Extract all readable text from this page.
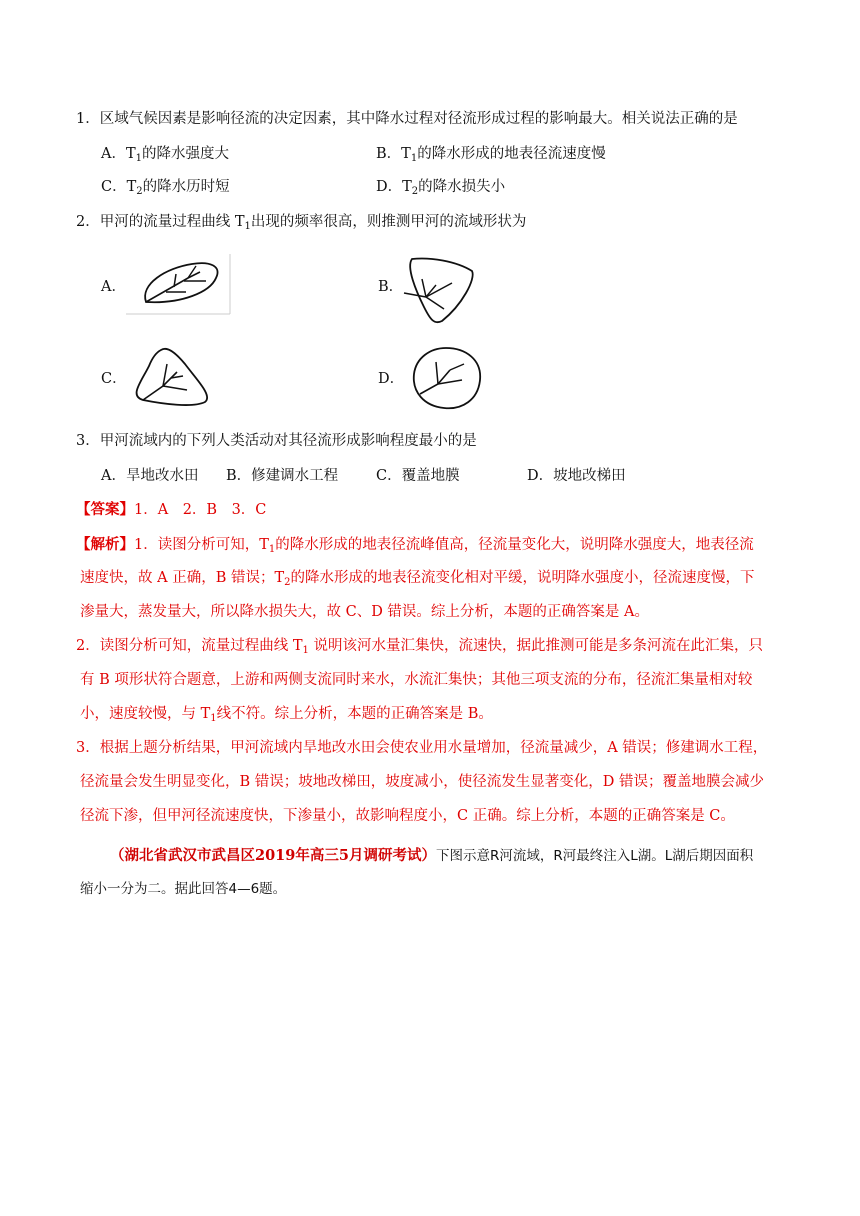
1．区域气候因素是影响径流的决定因素，其中降水过程对径流形成过程的影响最大。相关说法正确的是
A．$T_1$的降水强度大	B．$T_1$的降水形成的地表径流速度慢
C．$T_2$的降水历时短	D．$T_2$的降水损失小
2．甲河的流量过程曲线 $T_1$出现的频率很高，则推测甲河的流域形状为
A．	B．
C．	D．
3．甲河流域内的下列人类活动对其径流形成影响程度最小的是
A．旱地改水田 B．修建调水工程	C．覆盖地膜	D．坡地改梯田
【答案】1．A　2．B　3．C
【解析】1．读图分析可知，$T_1$的降水形成的地表径流峰值高，径流量变化大，说明降水强度大，地表径流
速度快，故 A 正确，B 错误；$T_2$的降水形成的地表径流变化相对平缓，说明降水强度小，径流速度慢，下
渗量大，蒸发量大，所以降水损失大，故 C、D 错误。综上分析，本题的正确答案是 A。
2．读图分析可知，流量过程曲线 $T_1$ 说明该河水量汇集快，流速快，据此推测可能是多条河流在此汇集，只
有 B 项形状符合题意，上游和两侧支流同时来水，水流汇集快；其他三项支流的分布，径流汇集量相对较
小，速度较慢，与 $T_1$线不符。综上分析，本题的正确答案是 B。
3．根据上题分析结果，甲河流域内旱地改水田会使农业用水量增加，径流量减少，A 错误；修建调水工程，
径流量会发生明显变化，B 错误；坡地改梯田，坡度减小，使径流发生显著变化，D 错误；覆盖地膜会减少
径流下渗，但甲河径流速度快，下渗量小，故影响程度小，C 正确。综上分析，本题的正确答案是 C。
（湖北省武汉市武昌区2019年高三5月调研考试）下图示意R河流域，R河最终注入L湖。L湖后期因面积
缩小一分为二。据此回答4—6题。
